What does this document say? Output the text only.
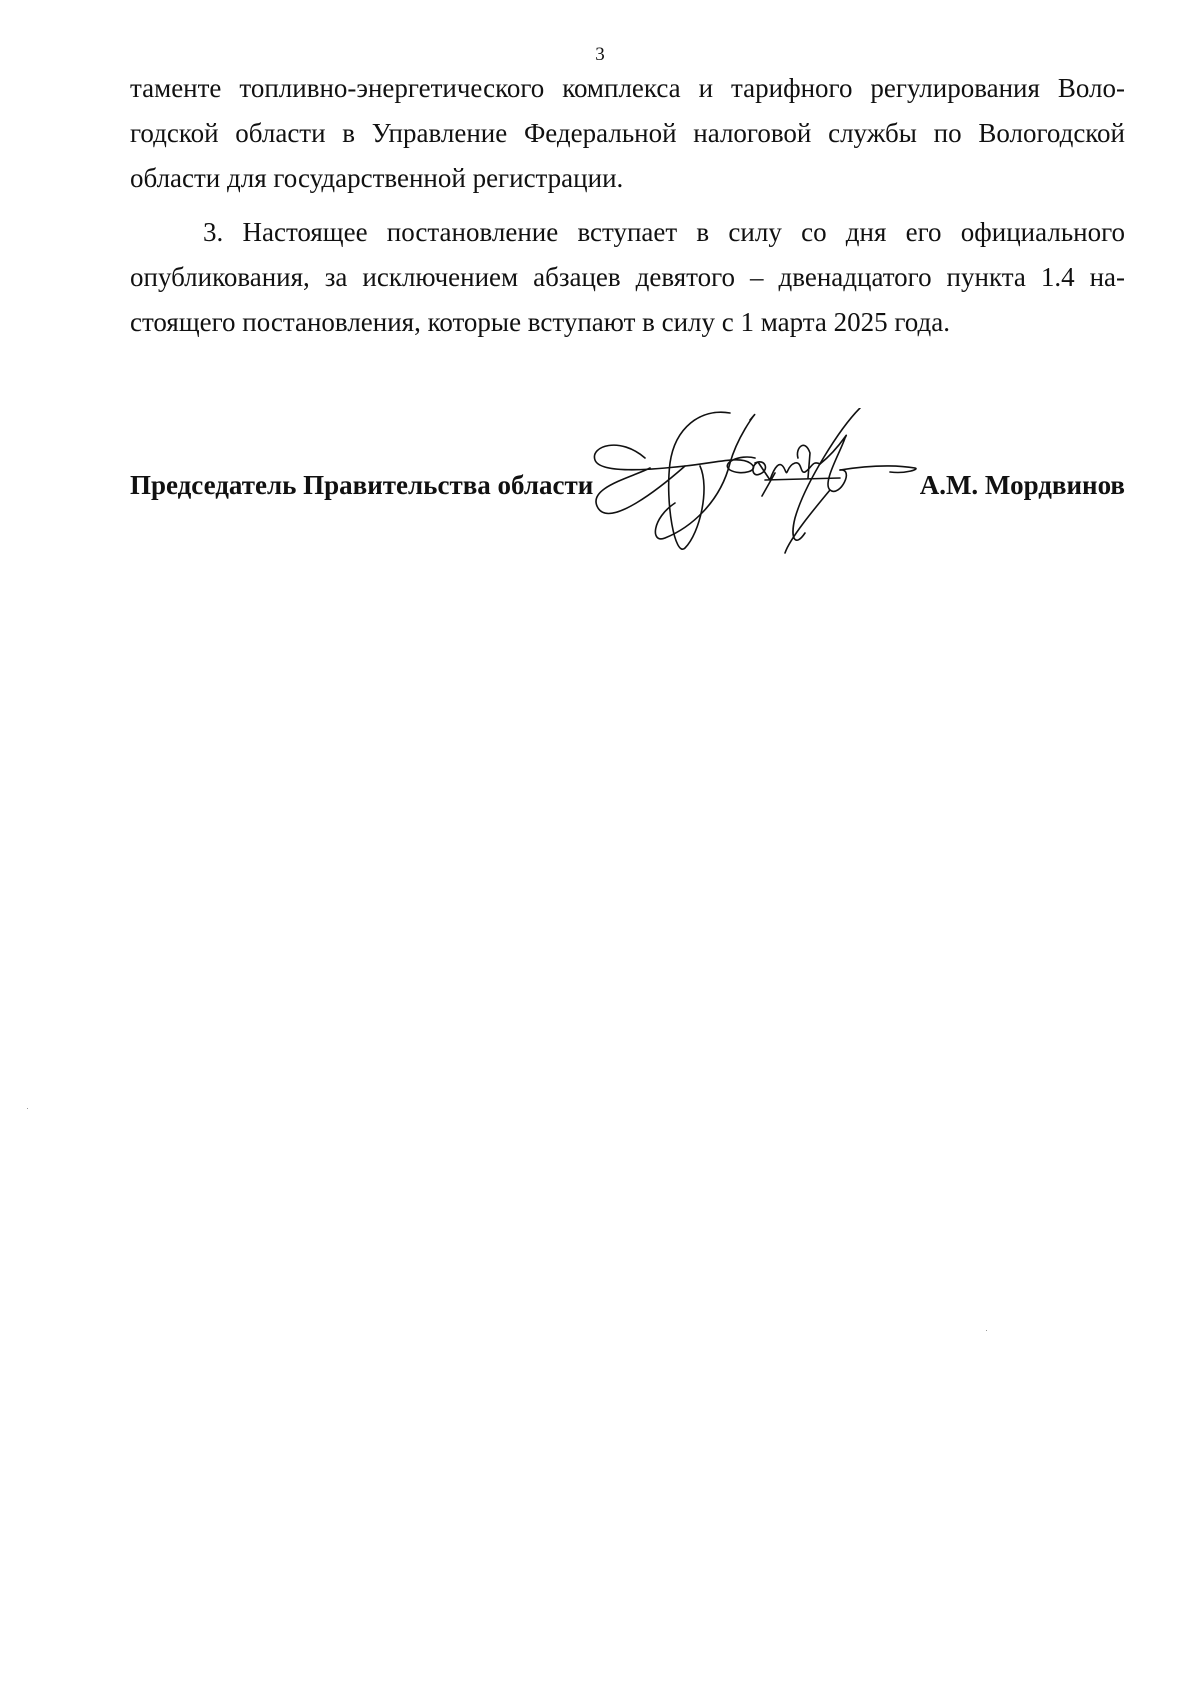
3

таменте топливно-энергетического комплекса и тарифного регулирования Воло-
годской области в Управление Федеральной налоговой службы по Вологодской
области для государственной регистрации.

3. Настоящее постановление вступает в силу со дня его официального
опубликования, за исключением абзацев девятого – двенадцатого пункта 1.4 на-
стоящего постановления, которые вступают в силу с 1 марта 2025 года.

Председатель Правительства области	А.М. Мордвинов
